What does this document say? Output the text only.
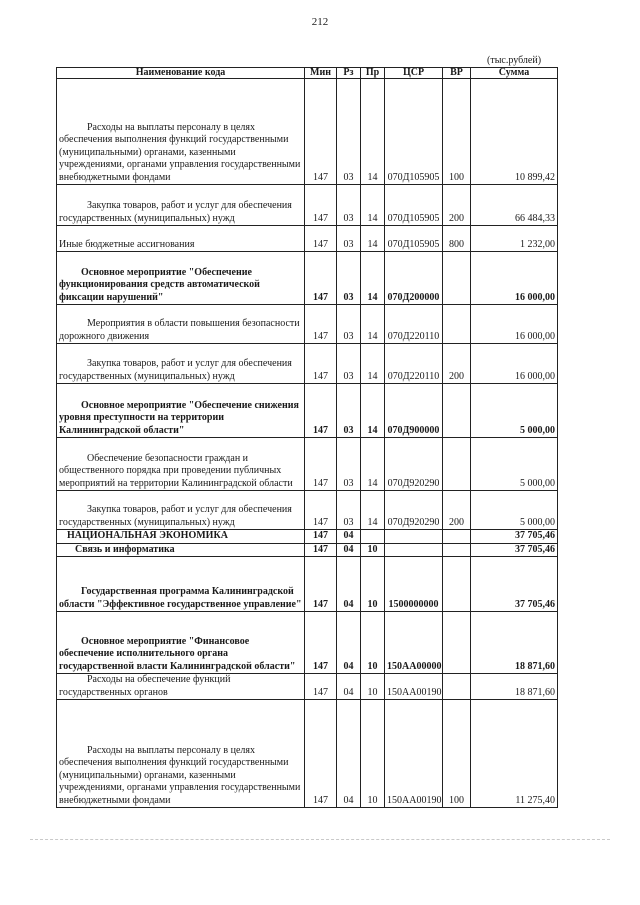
212
(тыс.рублей)
Наименование кода	Мин	Рз	Пр	ЦСР	ВР	Сумма
Расходы на выплаты персоналу в целях обеспечения выполнения функций государственными (муниципальными) органами, казенными учреждениями, органами управления государственными внебюджетными фондами	147	03	14	070Д105905	100	10 899,42
Закупка товаров, работ и услуг для обеспечения государственных (муниципальных) нужд	147	03	14	070Д105905	200	66 484,33
Иные бюджетные ассигнования	147	03	14	070Д105905	800	1 232,00
Основное мероприятие "Обеспечение функционирования средств автоматической фиксации нарушений"	147	03	14	070Д200000		16 000,00
Мероприятия в области повышения безопасности дорожного движения	147	03	14	070Д220110		16 000,00
Закупка товаров, работ и услуг для обеспечения государственных (муниципальных) нужд	147	03	14	070Д220110	200	16 000,00
Основное мероприятие "Обеспечение снижения уровня преступности на территории Калининградской области"	147	03	14	070Д900000		5 000,00
Обеспечение безопасности граждан и общественного порядка при проведении публичных мероприятий на территории Калининградской области	147	03	14	070Д920290		5 000,00
Закупка товаров, работ и услуг для обеспечения государственных (муниципальных) нужд	147	03	14	070Д920290	200	5 000,00
НАЦИОНАЛЬНАЯ ЭКОНОМИКА	147	04				37 705,46
Связь и информатика	147	04	10			37 705,46
Государственная программа Калининградской области "Эффективное государственное управление"	147	04	10	1500000000		37 705,46
Основное мероприятие "Финансовое обеспечение исполнительного органа государственной власти Калининградской области"	147	04	10	150АА00000		18 871,60
Расходы на обеспечение функций государственных органов	147	04	10	150АА00190		18 871,60
Расходы на выплаты персоналу в целях обеспечения выполнения функций государственными (муниципальными) органами, казенными учреждениями, органами управления государственными внебюджетными фондами	147	04	10	150АА00190	100	11 275,40
